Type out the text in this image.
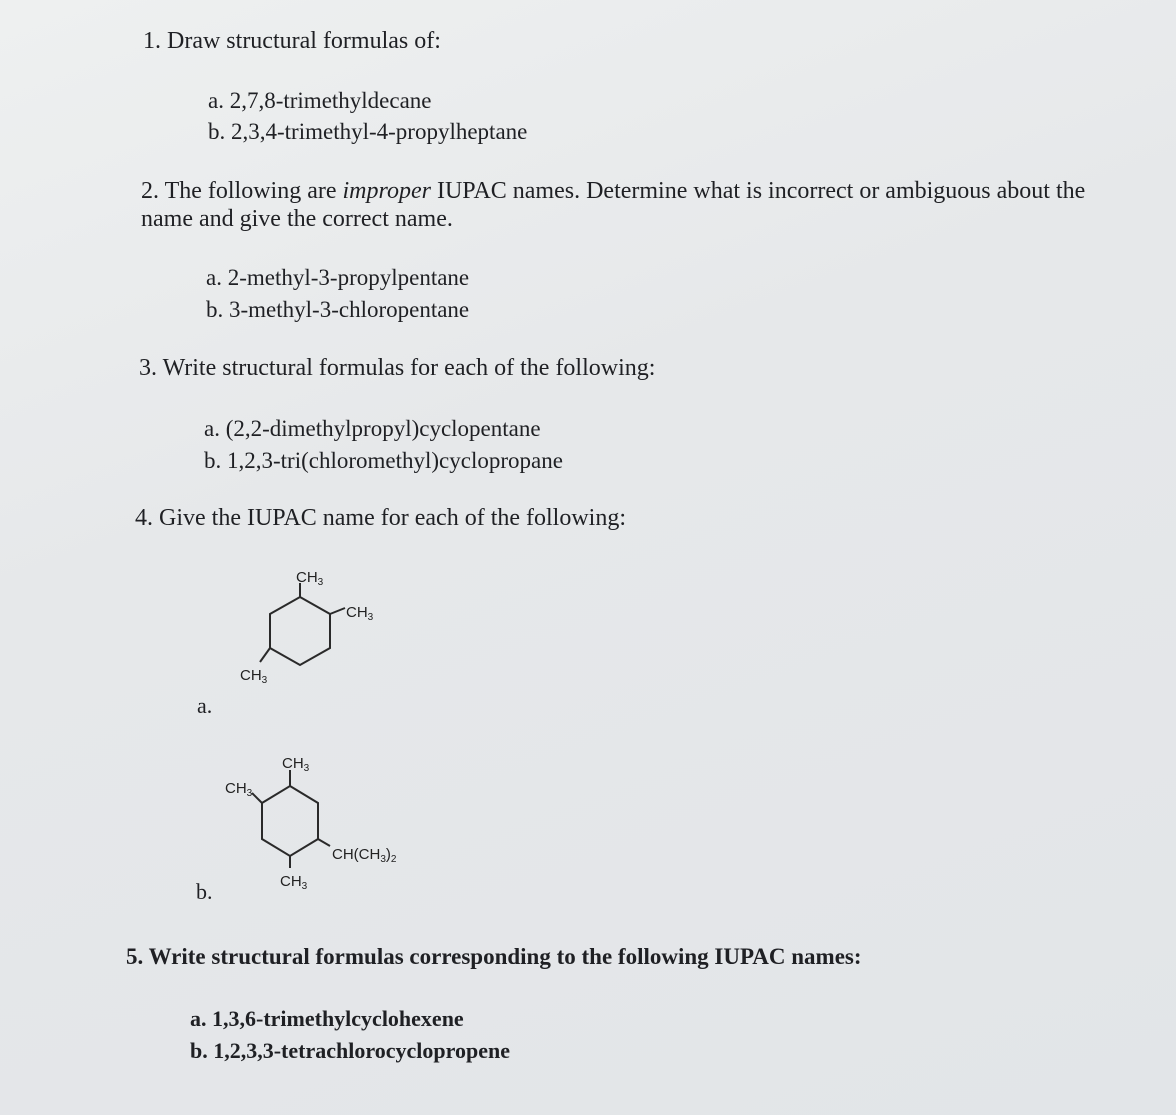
1. Draw structural formulas of:
a. 2,7,8-trimethyldecane
b. 2,3,4-trimethyl-4-propylheptane
2. The following are improper IUPAC names. Determine what is incorrect or ambiguous about the name and give the correct name.
a. 2-methyl-3-propylpentane
b. 3-methyl-3-chloropentane
3. Write structural formulas for each of the following:
a. (2,2-dimethylpropyl)cyclopentane
b. 1,2,3-tri(chloromethyl)cyclopropane
4. Give the IUPAC name for each of the following:
$CH_3$
$CH_3$
$CH_3$
a.
$CH_3$
$CH_3$
$CH(CH_3)_2$
$CH_3$
b.
5. Write structural formulas corresponding to the following IUPAC names:
a. 1,3,6-trimethylcyclohexene
b. 1,2,3,3-tetrachlorocyclopropene
